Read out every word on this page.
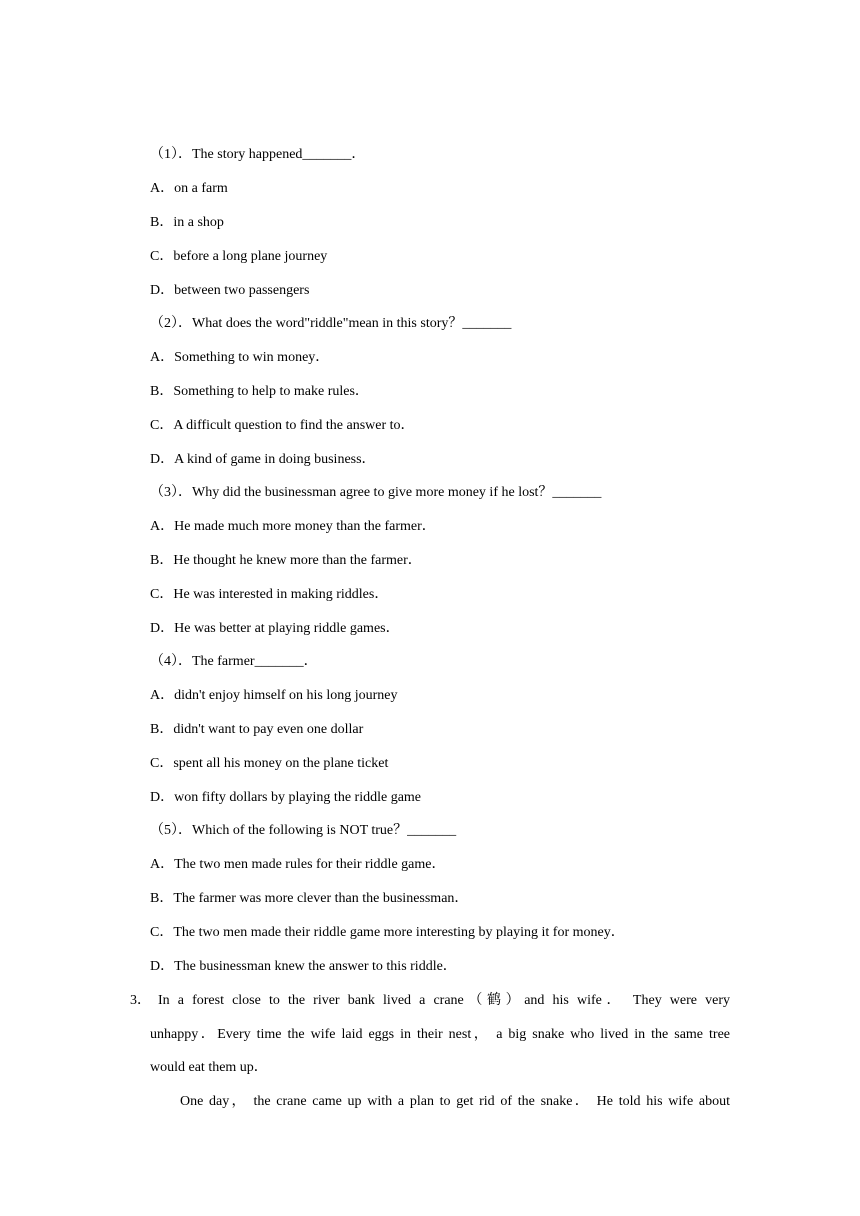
（1）．The story happened_______．
A．on a farm
B．in a shop
C．before a long plane journey
D．between two passengers
（2）．What does the word"riddle"mean in this story？_______
A．Something to win money．
B．Something to help to make rules．
C．A difficult question to find the answer to．
D．A kind of game in doing business．
（3）．Why did the businessman agree to give more money if he lost？_______
A．He made much more money than the farmer．
B．He thought he knew more than the farmer．
C．He was interested in making riddles．
D．He was better at playing riddle games．
（4）．The farmer_______．
A．didn't enjoy himself on his long journey
B．didn't want to pay even one dollar
C．spent all his money on the plane ticket
D．won fifty dollars by playing the riddle game
（5）．Which of the following is NOT true？_______
A．The two men made rules for their riddle game．
B．The farmer was more clever than the businessman．
C．The two men made their riddle game more interesting by playing it for money．
D．The businessman knew the answer to this riddle．
3． In a forest close to the river bank lived a crane（鹤）and his wife． They were very
unhappy．Every time the wife laid eggs in their nest， a big snake who lived in the same tree
would eat them up．
One day， the crane came up with a plan to get rid of the snake． He told his wife about
